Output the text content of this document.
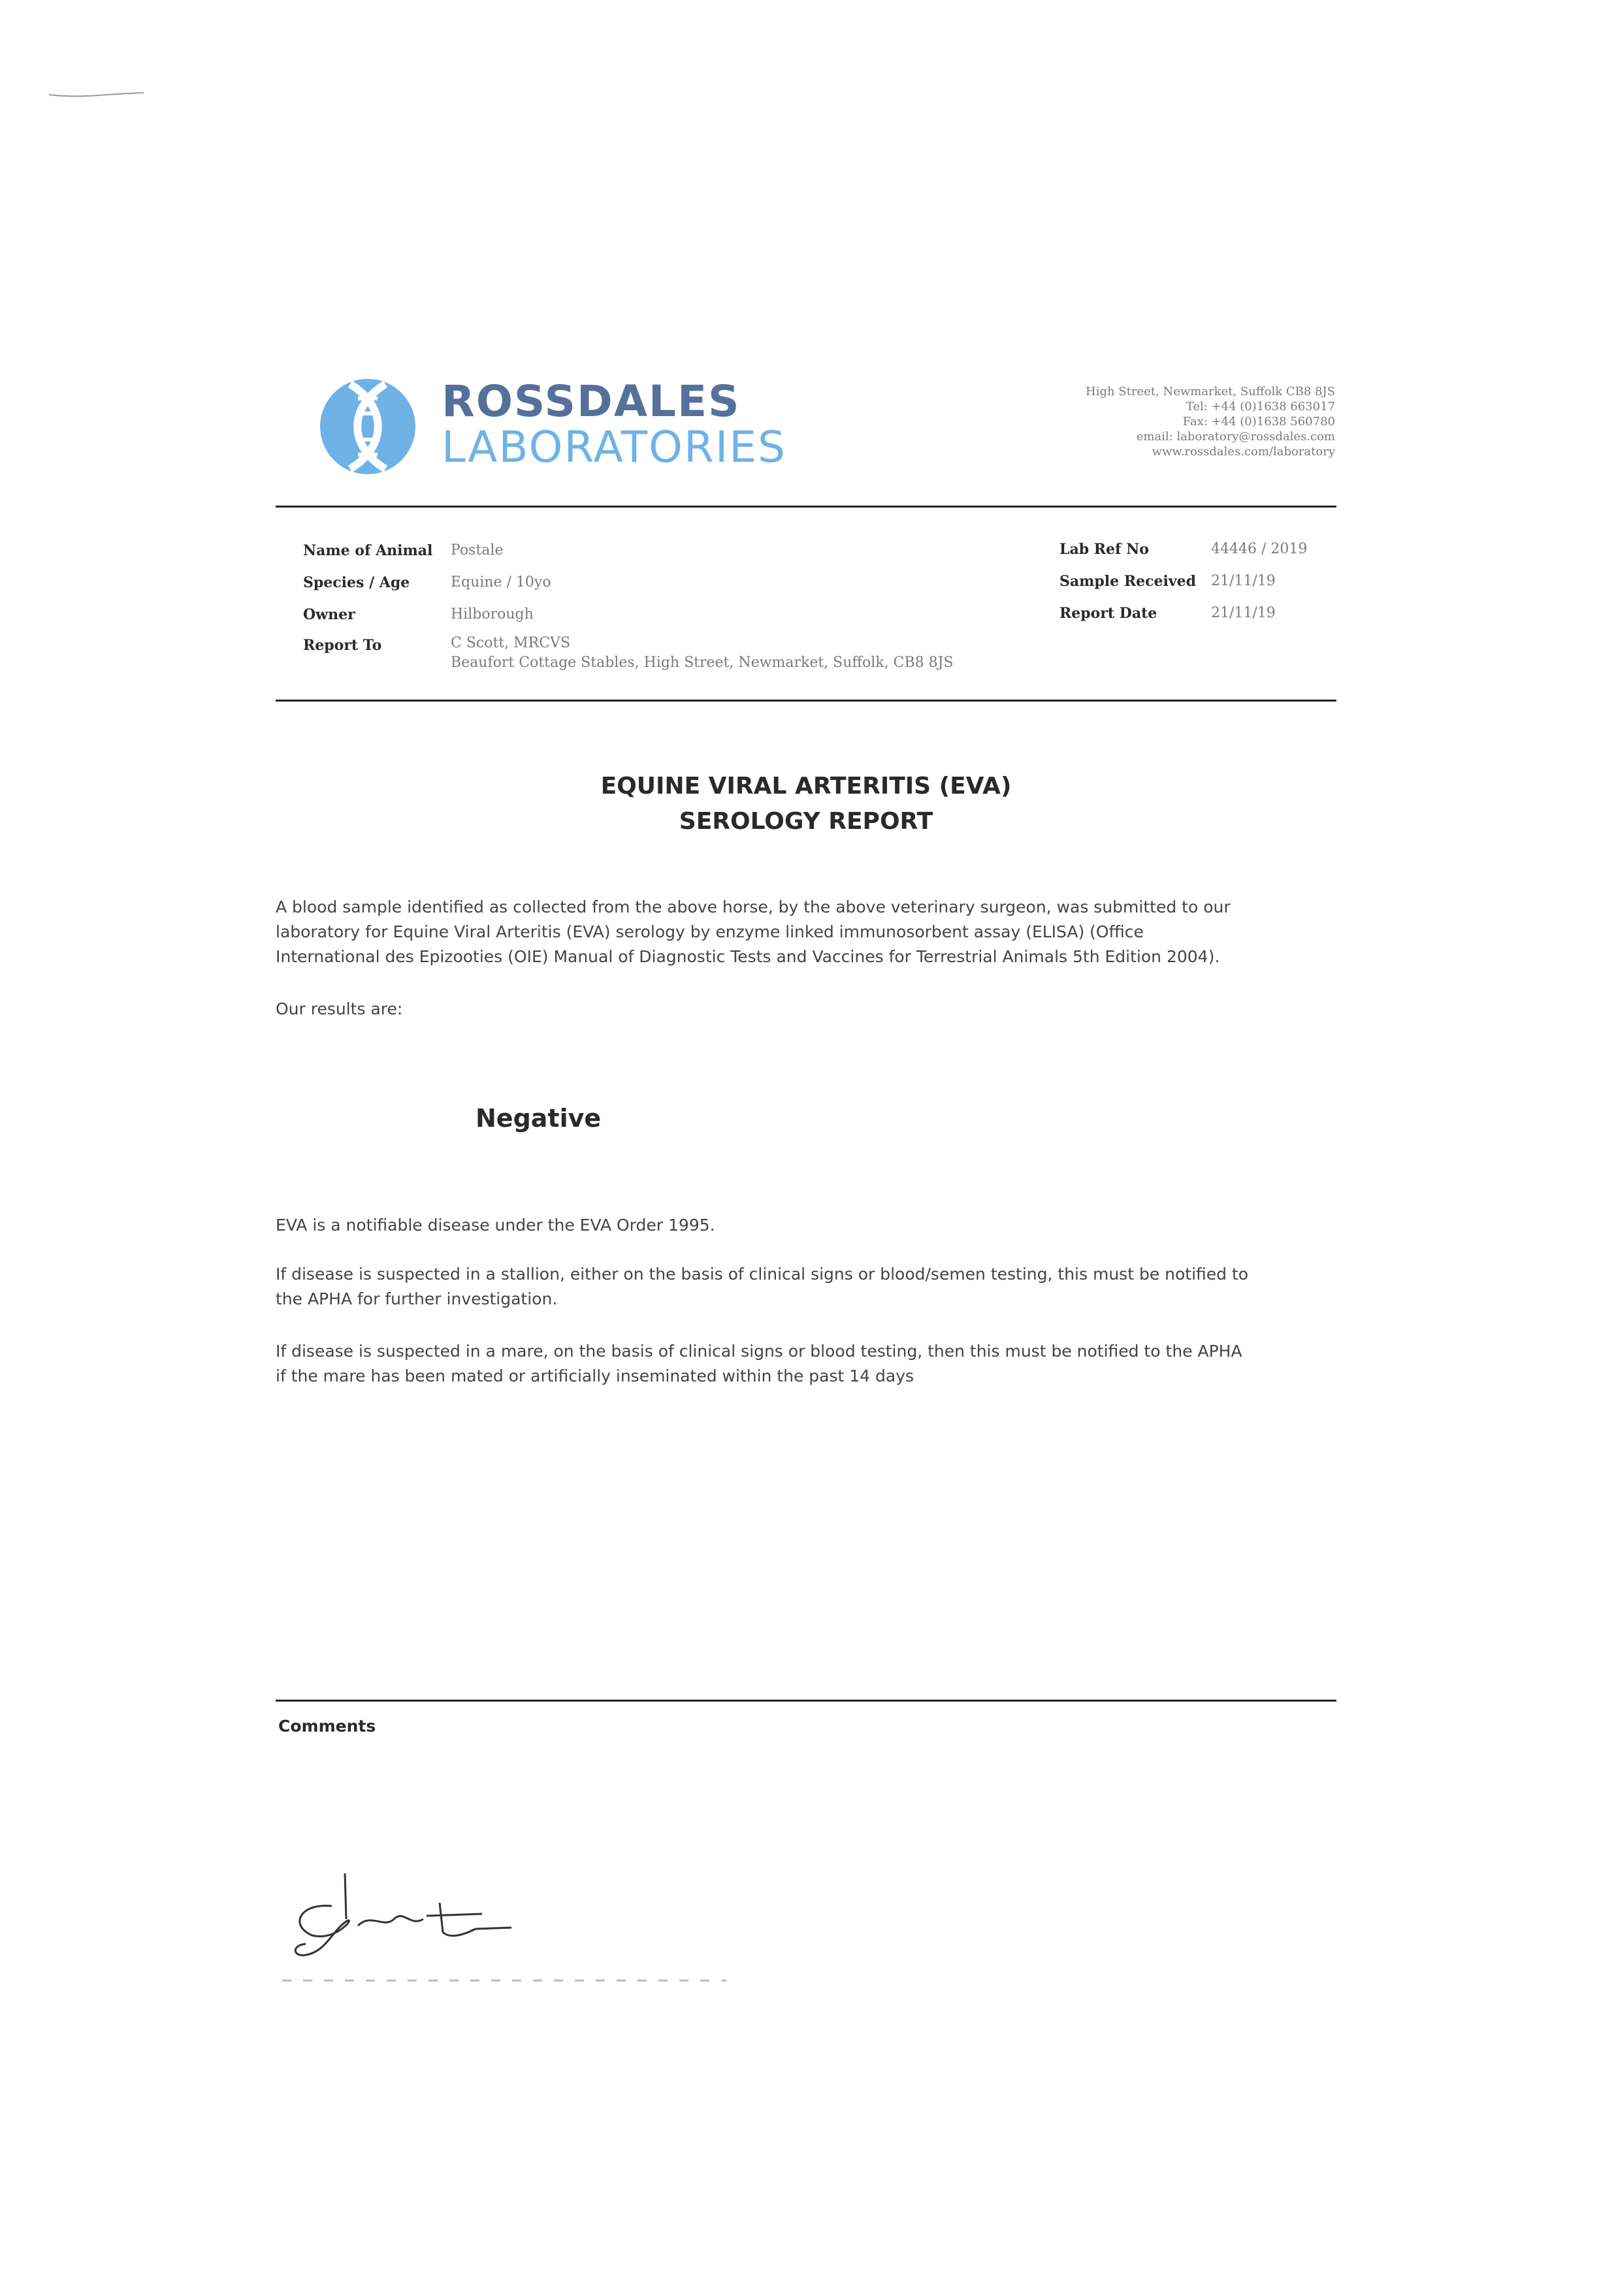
ROSSDALES
LABORATORIES
High Street, Newmarket, Suffolk CB8 8JS
Tel: +44 (0)1638 663017
Fax: +44 (0)1638 560780
email: laboratory@rossdales.com
www.rossdales.com/laboratory
Name of Animal Postale
Species / Age	Equine / 10yo
Owner	Hilborough
Report To	C Scott, MRCVS
Beaufort Cottage Stables, High Street, Newmarket, Suffolk, CB8 8JS
Lab Ref No	44446 / 2019
Sample Received 21/11/19
Report Date	21/11/19
EQUINE VIRAL ARTERITIS (EVA)
SEROLOGY REPORT
A blood sample identified as collected from the above horse, by the above veterinary surgeon, was submitted to our
laboratory for Equine Viral Arteritis (EVA) serology by enzyme linked immunosorbent assay (ELISA) (Office
International des Epizooties (OIE) Manual of Diagnostic Tests and Vaccines for Terrestrial Animals 5th Edition 2004).
Our results are:
Negative
EVA is a notifiable disease under the EVA Order 1995.
If disease is suspected in a stallion, either on the basis of clinical signs or blood/semen testing, this must be notified to
the APHA for further investigation.
If disease is suspected in a mare, on the basis of clinical signs or blood testing, then this must be notified to the APHA
if the mare has been mated or artificially inseminated within the past 14 days
Comments
